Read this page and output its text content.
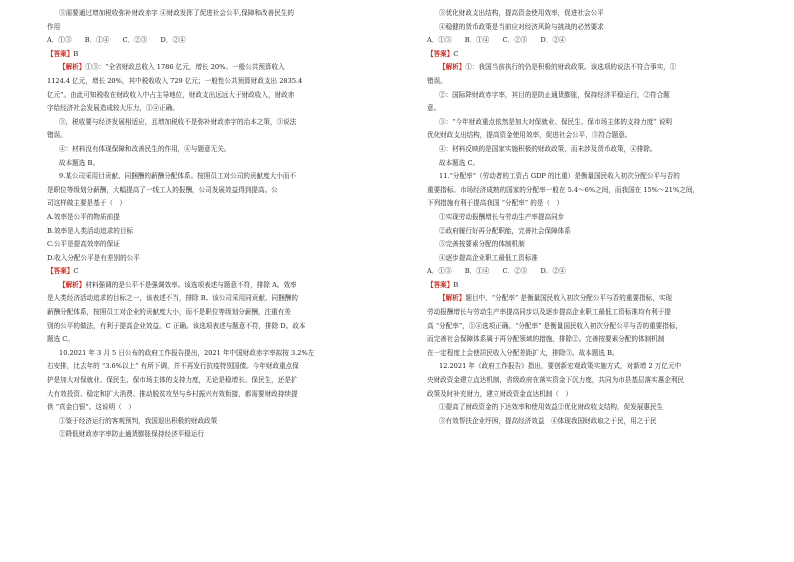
③需要通过增加税收弥补财政赤字 ④财政发挥了促进社会公平,保障和改善民生的
作用
A．①③　　B．①④　　C．②③　　D．②④
【答案】B
【解析】①③：“全省财政总收入 1786 亿元，增长 20%。一般公共预算收入
1124.4 亿元，增长 20%，其中税收收入 729 亿元；一般性公共预算财政支出 2835.4
亿元”。由此可知税收在财政收入中占主导地位，财政支出远远大于财政收入，财政赤
字给经济社会发展造成较大压力，①④正确。
③，税收要与经济发展相适应，且增加税收不是弥补财政赤字的治本之策，③说法
错误。
④：材料没有体现保障和改善民生的作用，④与题意无关。
故本题选 B。
9.某公司采用目贡献、同捆酬的薪酬分配体系。按照员工对公司的贡献度大小而不
是职位等级划分薪酬，大幅提高了一线工人的报酬，公司发展效益得到提高。公
司这样做主要是基于（　）
A.效率是公平的物质前提
B.效率是人类活动追求的目标
C.公平是提高效率的保证
D.收入分配公平是有差别的公平
【答案】C
【解析】材料强调的是公平不是强调效率。该选项表述与题意不符，排除 A。效率
是人类经济活动追求的目标之一，该表述不当，排除 B。该公司采用同贡献、同捆酬的
薪酬分配体系，按照员工对企业的贡献度大小，而不是职位等级划分薪酬，注重有差
别的公平的做法，有利于提高企业效益。C 正确。该选项表述与题意不符，排除 D。故本
题选 C。
10.2021 年 3 月 5 日公布的政府工作报告提出，2021 年中国财政赤字率拟按 3.2%左
右安排，比去年的 “3.6%以上” 有所下调，并不再发行抗疫特别国债。今年财政重点保
护是加大对保就业、保民生、保市场主体的支持力度，无论是稳增长、保民生，还是扩
大有效投资、稳定和扩大消费、推动脱贫攻坚与乡村振兴有效衔接，都需要财政持续提
供 “真金白银”。这说明（　）
①鉴于经济运行的客观预判，我国退出积极的财政政策
②降低财政赤字率防止通货膨胀保持经济平稳运行
③优化财政支出结构，提高资金使用效率，促进社会公平
④稳健的货币政策是当前应对经济风险与挑战的必然要求
A．①③　　B．①④　　C．②③　　D．②④
【答案】C
【解析】①：我国当前执行的仍是积极的财政政策。该选项的说法不符合事实，①
错误。
②：国际降财政赤字率，其目的是防止通货膨胀，保持经济平稳运行，②符合题
意。
③：“今年财政重点依然是加大对保就业、保民生、保市场主体的支持力度” 说明
优化财政支出结构，提高资金使用效率，促进社会公平，③符合题意。
④：材料反映的是国家实施积极的财政政策，而未涉及货币政策，④排除。
故本题选 C。
11.“分配率”（劳动者的工资占 GDP 的比重）是衡量国民收入初次分配公平与否的
重要指标。市场经济成熟的国家的分配率一般在 5.4～6%之间，而我国在 15%～21%之间，
下列措施有利于提高我国 “分配率” 的是（　）
①实现劳动报酬增长与劳动生产率提高同步
②政府履行好再分配职能，完善社会保障体系
③完善按要素分配的体制机制
④逐步提高企业职工最低工资标准
A．①③　　B．①④　　C．②③　　D．②④
【答案】B
【解析】题目中，“分配率” 是衡量国民收入初次分配公平与否的重要指标，实现
劳动报酬增长与劳动生产率提高同步以及逐步提高企业职工最低工资标准均有利于提
高 “分配率”，①④选项正确。“分配率” 是衡量国民收入初次分配公平与否的重要指标，
而完善社会保障体系属于再分配领域的措施，排除②。完善按要素分配的体制机制
在一定程度上会使居民收入分配差距扩大，排除③。故本题选 B。
12.2021 年《政府工作报告》指出，要创新宏观政策实施方式，对新增 2 万亿元中
央财政资金建立直达机制，省级政府在落实资金下沉力度，共同为市县基层落实惠企利民
政策及时补充财力，建立财政资金直达机制（　）
①提高了财政资金的下达效率和使用效益②优化财政收支结构，促发展惠民生
③有效帮扶企业纾困，提高经济效益　④体现我国财政取之于民，用之于民
